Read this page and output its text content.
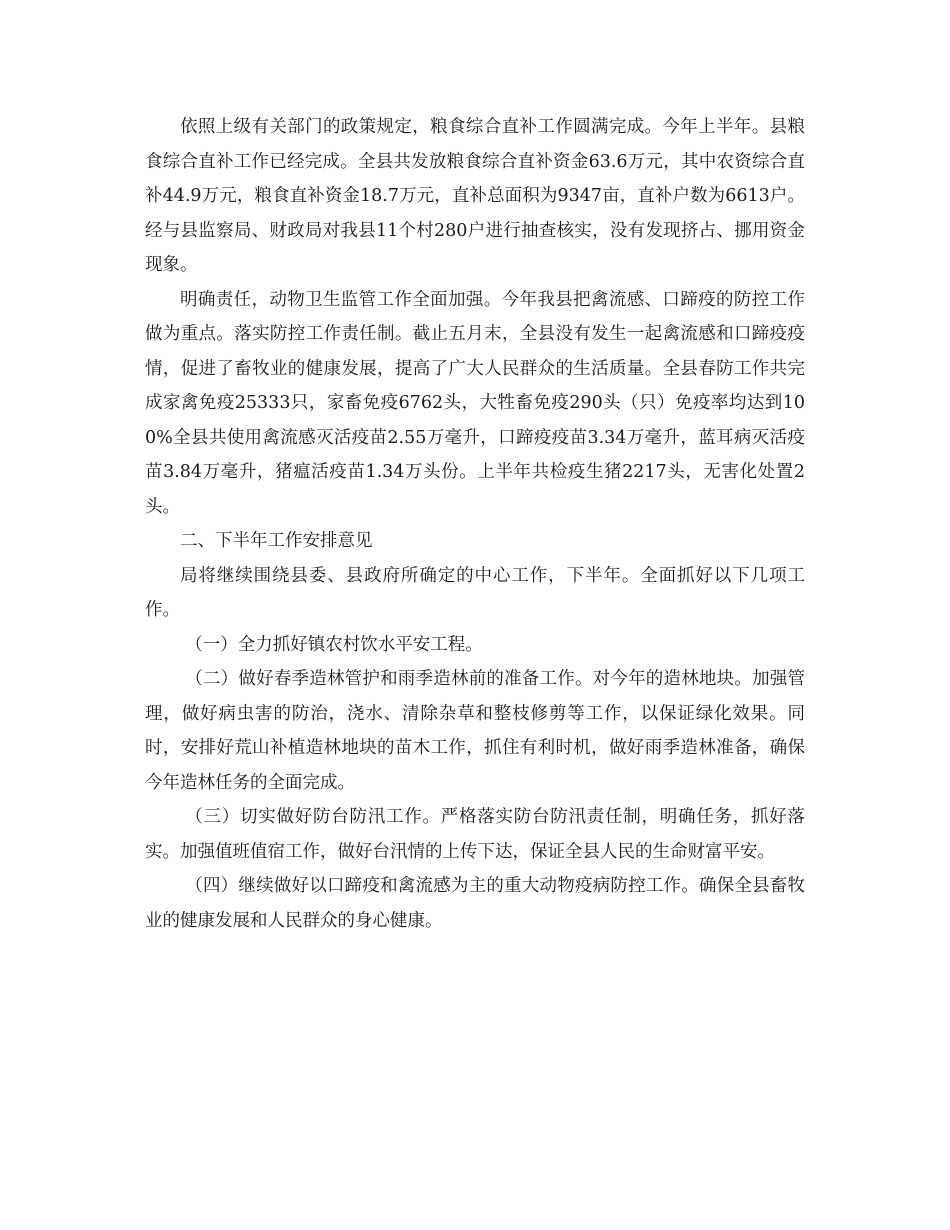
依照上级有关部门的政策规定，粮食综合直补工作圆满完成。今年上半年。县粮食综合直补工作已经完成。全县共发放粮食综合直补资金63.6万元，其中农资综合直补44.9万元，粮食直补资金18.7万元，直补总面积为9347亩，直补户数为6613户。经与县监察局、财政局对我县11个村280户进行抽查核实，没有发现挤占、挪用资金现象。

明确责任，动物卫生监管工作全面加强。今年我县把禽流感、口蹄疫的防控工作做为重点。落实防控工作责任制。截止五月末，全县没有发生一起禽流感和口蹄疫疫情，促进了畜牧业的健康发展，提高了广大人民群众的生活质量。全县春防工作共完成家禽免疫25333只，家畜免疫6762头，大牲畜免疫290头（只）免疫率均达到100%全县共使用禽流感灭活疫苗2.55万毫升，口蹄疫疫苗3.34万毫升，蓝耳病灭活疫苗3.84万毫升，猪瘟活疫苗1.34万头份。上半年共检疫生猪2217头，无害化处置2头。

二、下半年工作安排意见

局将继续围绕县委、县政府所确定的中心工作，下半年。全面抓好以下几项工作。

（一）全力抓好镇农村饮水平安工程。

（二）做好春季造林管护和雨季造林前的准备工作。对今年的造林地块。加强管理，做好病虫害的防治，浇水、清除杂草和整枝修剪等工作，以保证绿化效果。同时，安排好荒山补植造林地块的苗木工作，抓住有利时机，做好雨季造林准备，确保今年造林任务的全面完成。

（三）切实做好防台防汛工作。严格落实防台防汛责任制，明确任务，抓好落实。加强值班值宿工作，做好台汛情的上传下达，保证全县人民的生命财富平安。

（四）继续做好以口蹄疫和禽流感为主的重大动物疫病防控工作。确保全县畜牧业的健康发展和人民群众的身心健康。
